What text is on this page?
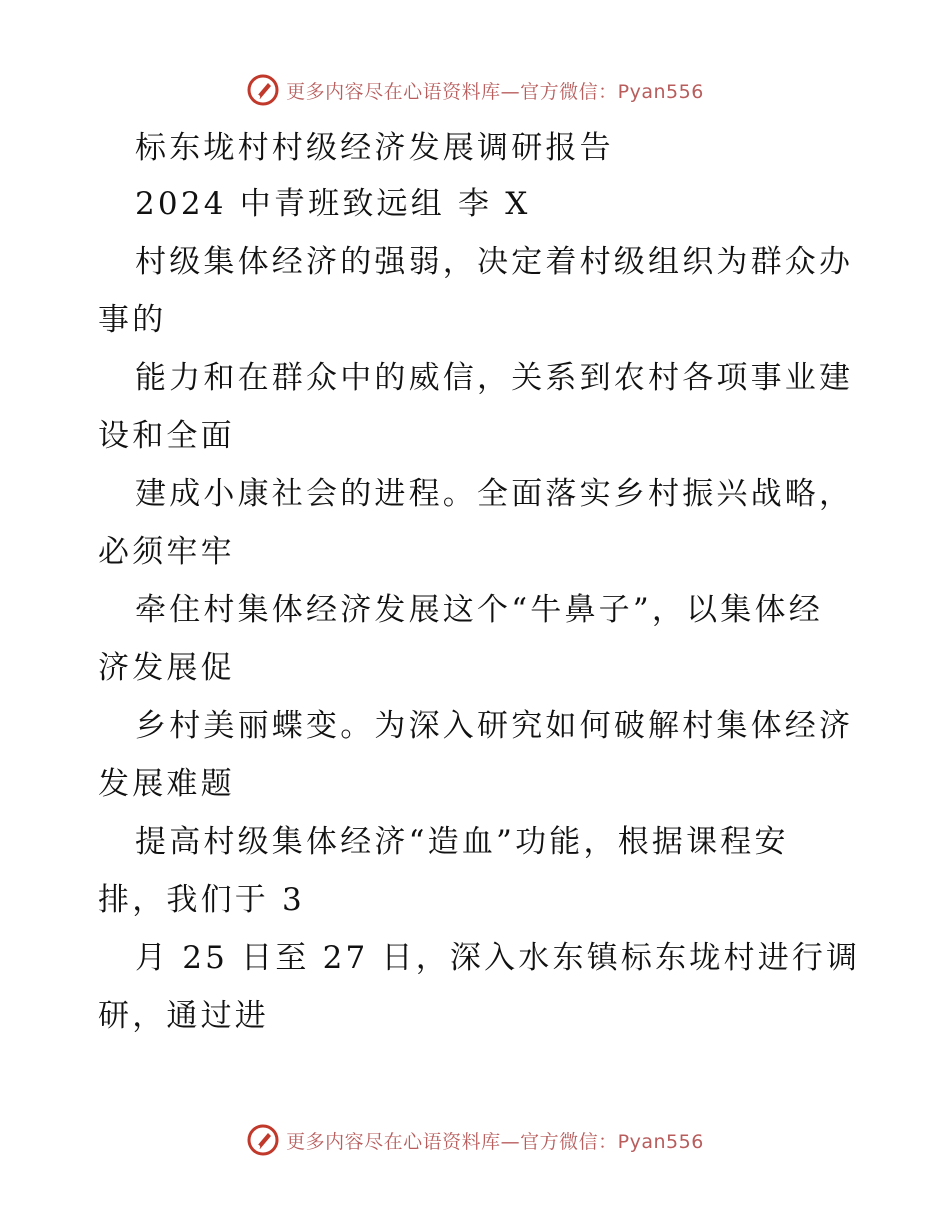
更多内容尽在心语资料库—官方微信：Pyan556
标东垅村村级经济发展调研报告
2024 中青班致远组 李 X
村级集体经济的强弱，决定着村级组织为群众办
事的
能力和在群众中的威信，关系到农村各项事业建
设和全面
建成小康社会的进程。全面落实乡村振兴战略，
必须牢牢
牵住村集体经济发展这个“牛鼻子”，以集体经
济发展促
乡村美丽蝶变。为深入研究如何破解村集体经济
发展难题
提高村级集体经济“造血”功能，根据课程安
排，我们于 3
月 25 日至 27 日，深入水东镇标东垅村进行调
研，通过进
更多内容尽在心语资料库—官方微信：Pyan556
